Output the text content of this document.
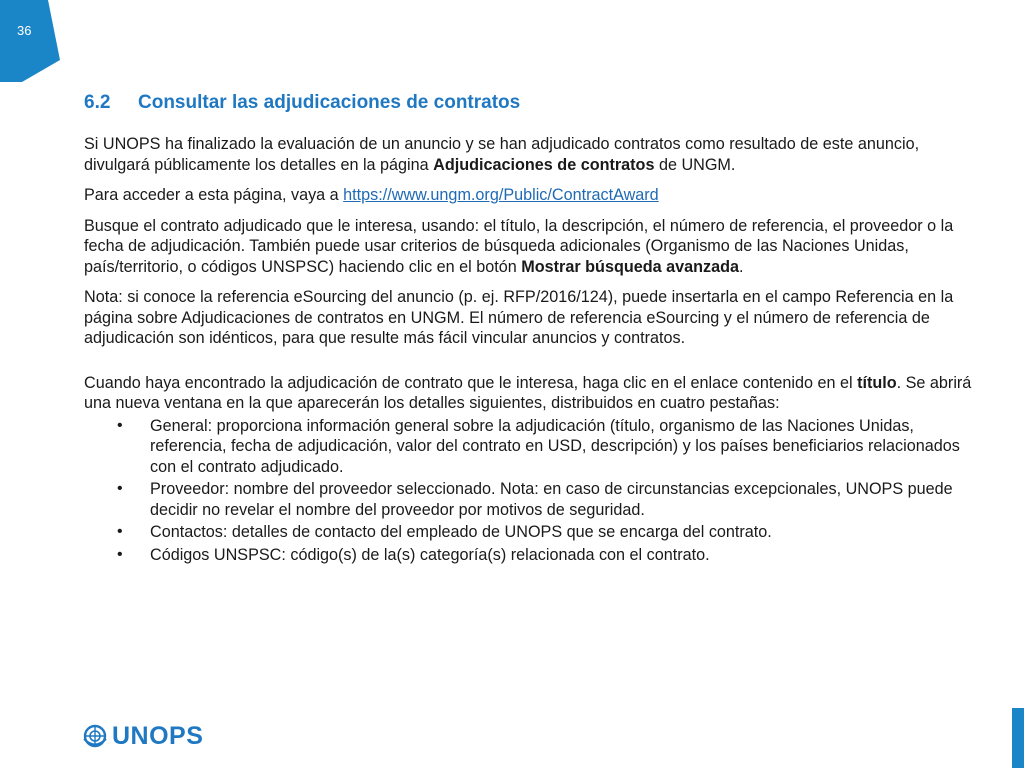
36
6.2	Consultar las adjudicaciones de contratos

Si UNOPS ha finalizado la evaluación de un anuncio y se han adjudicado contratos como resultado de este anuncio, divulgará públicamente los detalles en la página Adjudicaciones de contratos de UNGM.

Para acceder a esta página, vaya a https://www.ungm.org/Public/ContractAward

Busque el contrato adjudicado que le interesa, usando: el título, la descripción, el número de referencia, el proveedor o la fecha de adjudicación. También puede usar criterios de búsqueda adicionales (Organismo de las Naciones Unidas, país/territorio, o códigos UNSPSC) haciendo clic en el botón Mostrar búsqueda avanzada.

Nota: si conoce la referencia eSourcing del anuncio (p. ej. RFP/2016/124), puede insertarla en el campo Referencia en la página sobre Adjudicaciones de contratos en UNGM. El número de referencia eSourcing y el número de referencia de adjudicación son idénticos, para que resulte más fácil vincular anuncios y contratos.

Cuando haya encontrado la adjudicación de contrato que le interesa, haga clic en el enlace contenido en el título. Se abrirá una nueva ventana en la que aparecerán los detalles siguientes, distribuidos en cuatro pestañas:

• General: proporciona información general sobre la adjudicación (título, organismo de las Naciones Unidas, referencia, fecha de adjudicación, valor del contrato en USD, descripción) y los países beneficiarios relacionados con el contrato adjudicado.
• Proveedor: nombre del proveedor seleccionado. Nota: en caso de circunstancias excepcionales, UNOPS puede decidir no revelar el nombre del proveedor por motivos de seguridad.
• Contactos: detalles de contacto del empleado de UNOPS que se encarga del contrato.
• Códigos UNSPSC: código(s) de la(s) categoría(s) relacionada con el contrato.
UNOPS
